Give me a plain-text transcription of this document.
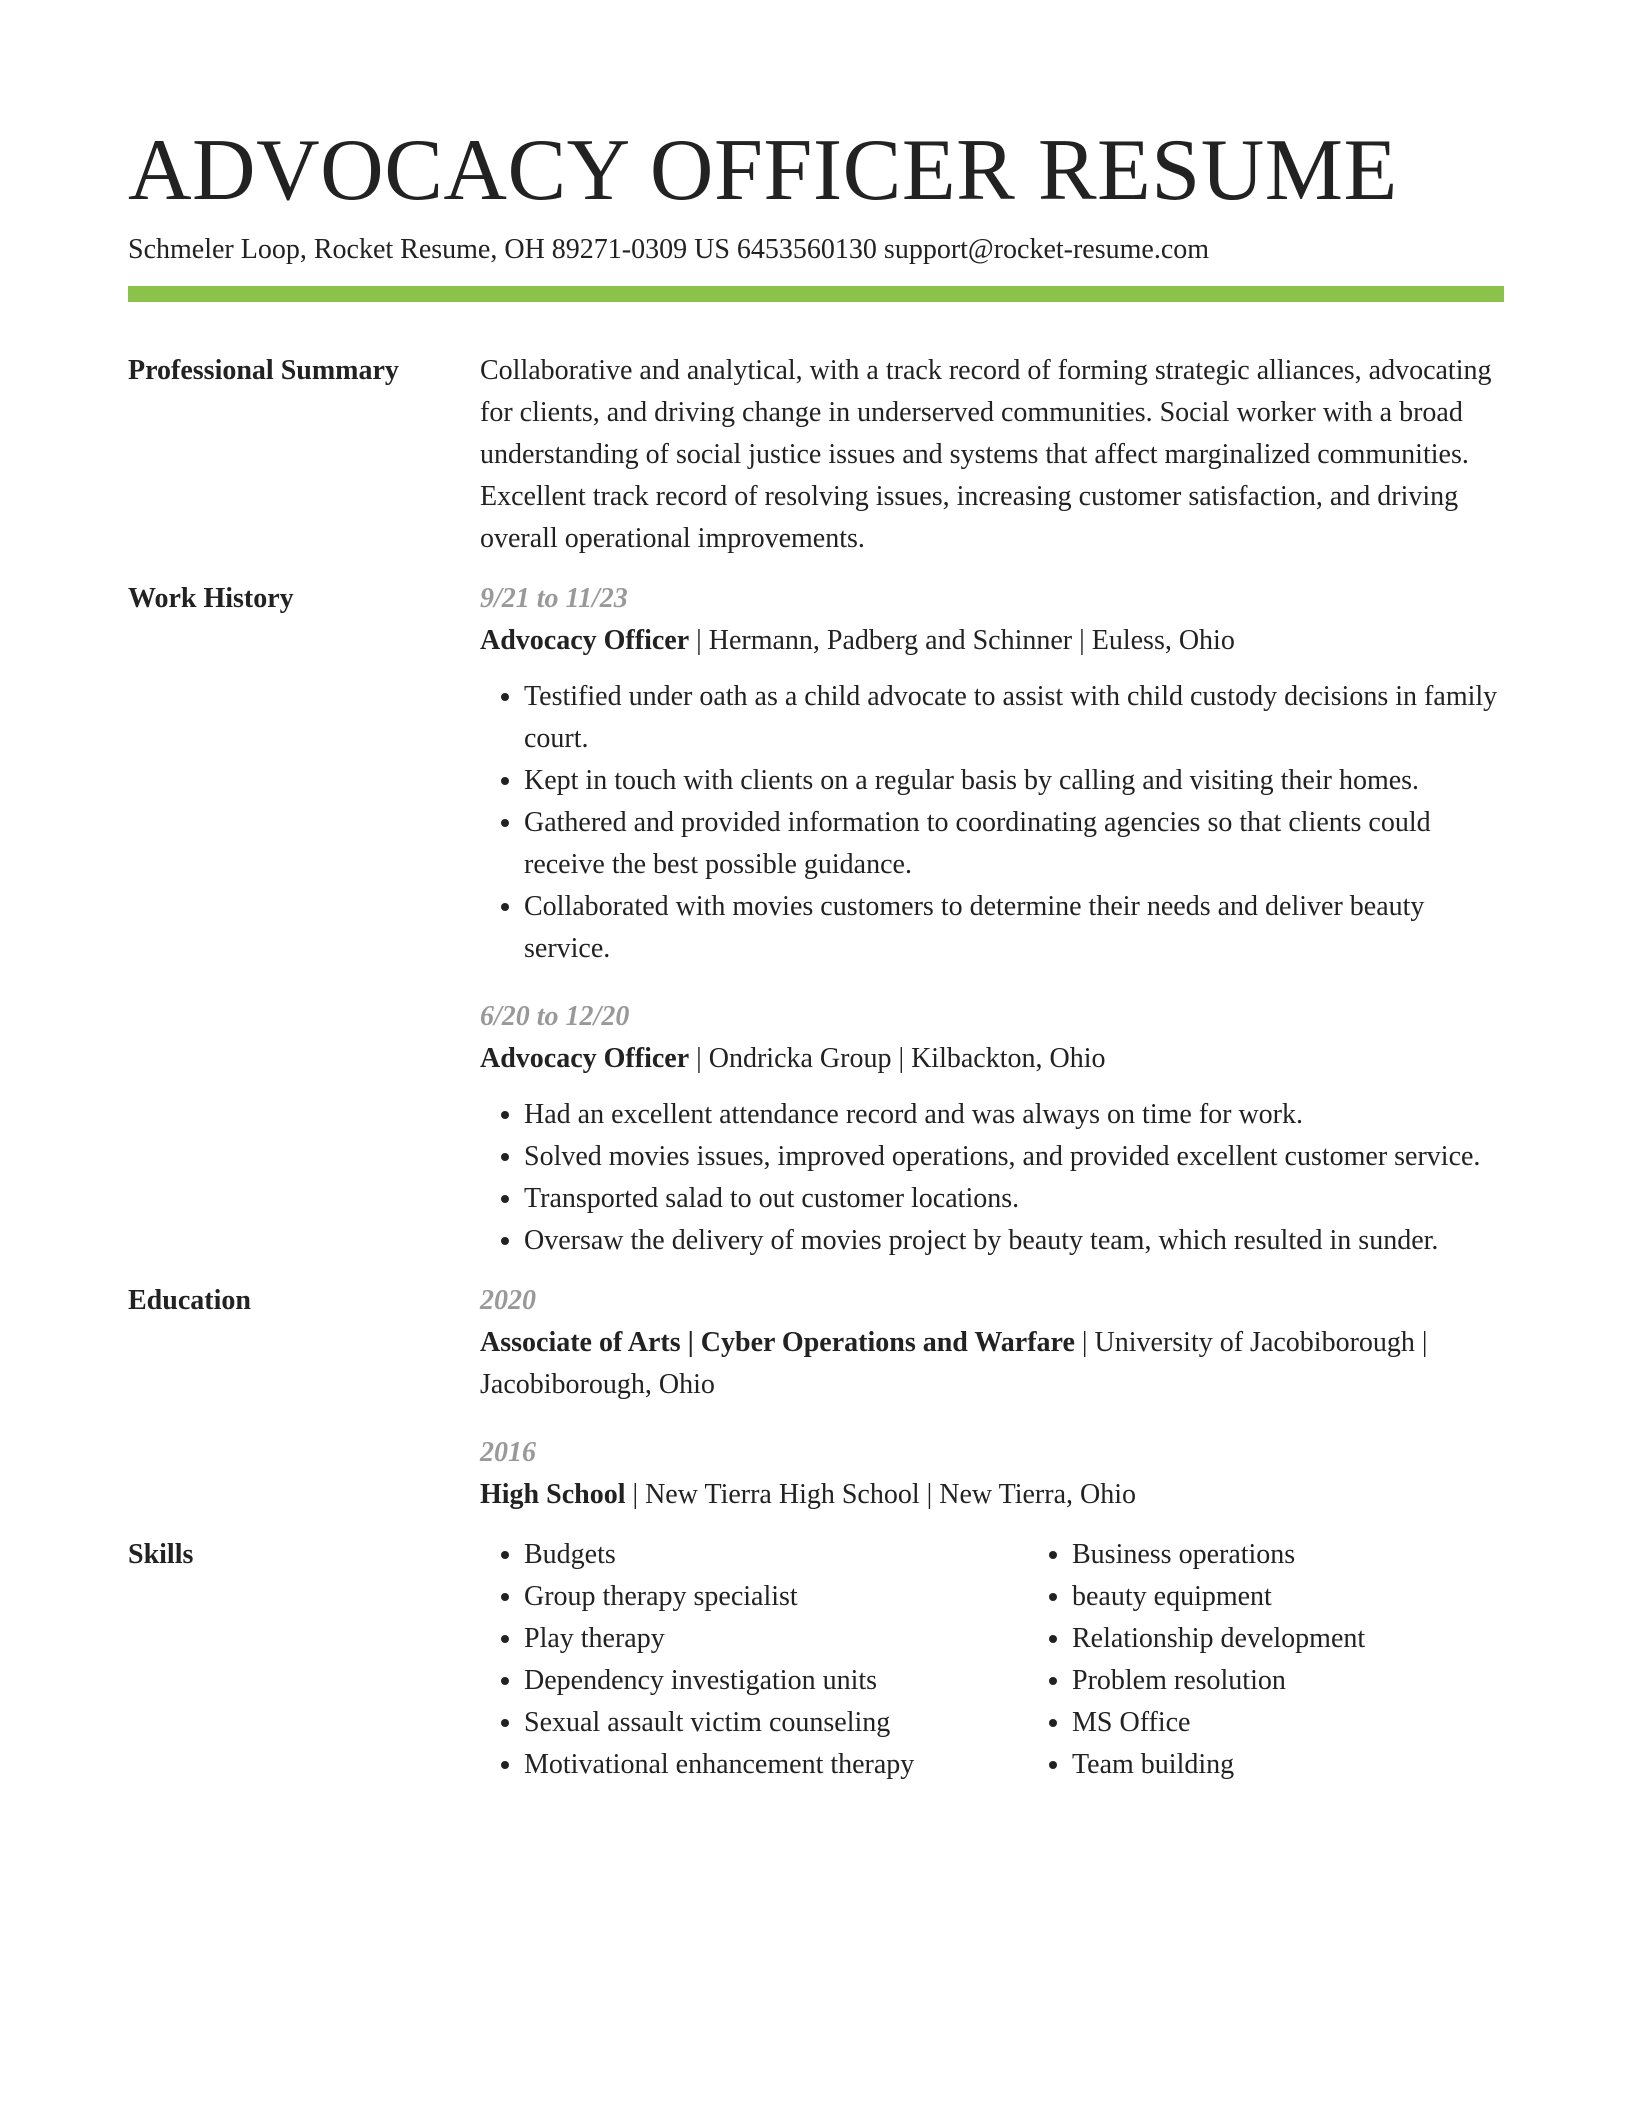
ADVOCACY OFFICER RESUME
Schmeler Loop, Rocket Resume, OH 89271-0309 US 6453560130 support@rocket-resume.com
Professional Summary	Collaborative and analytical, with a track record of forming strategic alliances, advocating for clients, and driving change in underserved communities. Social worker with a broad understanding of social justice issues and systems that affect marginalized communities. Excellent track record of resolving issues, increasing customer satisfaction, and driving overall operational improvements.

Work History	9/21 to 11/23
Advocacy Officer | Hermann, Padberg and Schinner | Euless, Ohio
• Testified under oath as a child advocate to assist with child custody decisions in family court.
• Kept in touch with clients on a regular basis by calling and visiting their homes.
• Gathered and provided information to coordinating agencies so that clients could receive the best possible guidance.
• Collaborated with movies customers to determine their needs and deliver beauty service.
6/20 to 12/20
Advocacy Officer | Ondricka Group | Kilbackton, Ohio
• Had an excellent attendance record and was always on time for work.
• Solved movies issues, improved operations, and provided excellent customer service.
• Transported salad to out customer locations.
• Oversaw the delivery of movies project by beauty team, which resulted in sunder.
Education	2020
Associate of Arts | Cyber Operations and Warfare | University of Jacobiborough | Jacobiborough, Ohio
2016
High School | New Tierra High School | New Tierra, Ohio
Skills
•	Budgets
• Group therapy specialist
• Play therapy
• Dependency investigation units
• Sexual assault victim counseling
• Motivational enhancement therapy
• Business operations
• beauty equipment
• Relationship development
• Problem resolution
• MS Office
• Team building
